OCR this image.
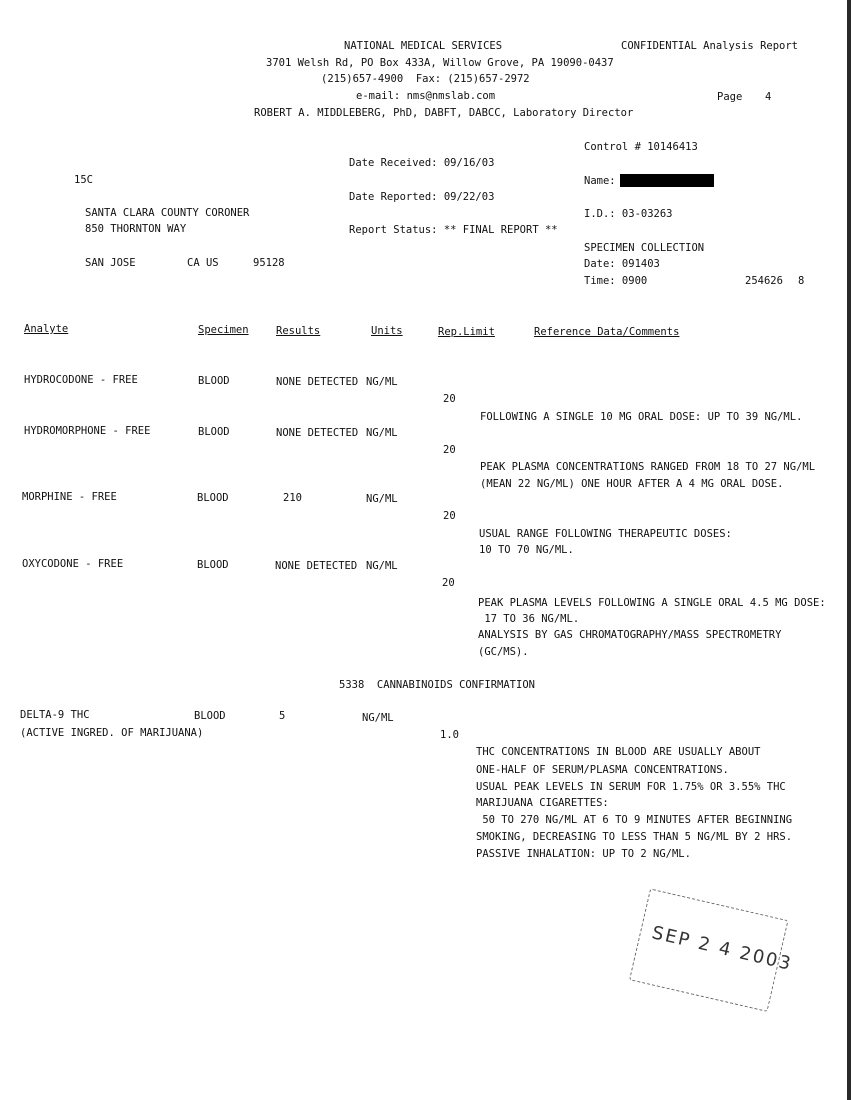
NATIONAL MEDICAL SERVICES	CONFIDENTIAL Analysis Report
3701 Welsh Rd, PO Box 433A, Willow Grove, PA 19090-0437
(215)657-4900  Fax: (215)657-2972
e-mail: nms@nmslab.com	Page 4
ROBERT A. MIDDLEBERG, PhD, DABFT, DABCC, Laboratory Director
Control # 10146413
Date Received: 09/16/03
15C	Name:
Date Reported: 09/22/03
SANTA CLARA COUNTY CORONER	I.D.: 03-03263
850 THORNTON WAY	Report Status: ** FINAL REPORT **
SPECIMEN COLLECTION
SAN JOSE	CA US	95128	Date: 091403
Time: 0900	254626 8
Analyte	Specimen	Results	Units	Rep.Limit	Reference Data/Comments
HYDROCODONE - FREE	BLOOD	NONE DETECTED NG/ML
20
FOLLOWING A SINGLE 10 MG ORAL DOSE: UP TO 39 NG/ML.
HYDROMORPHONE - FREE	BLOOD	NONE DETECTED NG/ML
20
PEAK PLASMA CONCENTRATIONS RANGED FROM 18 TO 27 NG/ML
(MEAN 22 NG/ML) ONE HOUR AFTER A 4 MG ORAL DOSE.
MORPHINE - FREE	BLOOD	210	NG/ML
20
USUAL RANGE FOLLOWING THERAPEUTIC DOSES:
10 TO 70 NG/ML.
OXYCODONE - FREE	BLOOD	NONE DETECTED NG/ML
20
PEAK PLASMA LEVELS FOLLOWING A SINGLE ORAL 4.5 MG DOSE:
17 TO 36 NG/ML.
ANALYSIS BY GAS CHROMATOGRAPHY/MASS SPECTROMETRY
(GC/MS).
5338  CANNABINOIDS CONFIRMATION
DELTA-9 THC
(ACTIVE INGRED. OF MARIJUANA)
BLOOD	5	NG/ML
1.0
THC CONCENTRATIONS IN BLOOD ARE USUALLY ABOUT
ONE-HALF OF SERUM/PLASMA CONCENTRATIONS.
USUAL PEAK LEVELS IN SERUM FOR 1.75% OR 3.55% THC
MARIJUANA CIGARETTES:
50 TO 270 NG/ML AT 6 TO 9 MINUTES AFTER BEGINNING
SMOKING, DECREASING TO LESS THAN 5 NG/ML BY 2 HRS.
PASSIVE INHALATION: UP TO 2 NG/ML.
SEP 2 4 2003
